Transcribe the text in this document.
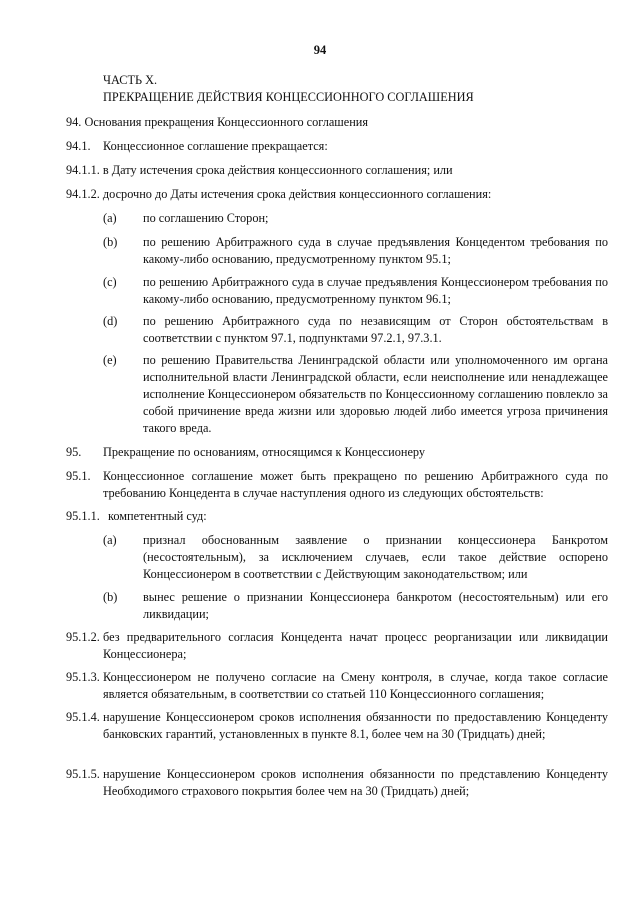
94
ЧАСТЬ X.
ПРЕКРАЩЕНИЕ ДЕЙСТВИЯ КОНЦЕССИОННОГО СОГЛАШЕНИЯ
94. Основания прекращения Концессионного соглашения
94.1. Концессионное соглашение прекращается:
94.1.1. в Дату истечения срока действия концессионного соглашения; или
94.1.2. досрочно до Даты истечения срока действия концессионного соглашения:
(a) по соглашению Сторон;
(b) по решению Арбитражного суда в случае предъявления Концедентом требования по какому-либо основанию, предусмотренному пунктом 95.1;
(c) по решению Арбитражного суда в случае предъявления Концессионером требования по какому-либо основанию, предусмотренному пунктом 96.1;
(d) по решению Арбитражного суда по независящим от Сторон обстоятельствам в соответствии с пунктом 97.1, подпунктами 97.2.1, 97.3.1.
(e) по решению Правительства Ленинградской области или уполномоченного им органа исполнительной власти Ленинградской области, если неисполнение или ненадлежащее исполнение Концессионером обязательств по Концессионному соглашению повлекло за собой причинение вреда жизни или здоровью людей либо имеется угроза причинения такого вреда.
95. Прекращение по основаниям, относящимся к Концессионеру
95.1. Концессионное соглашение может быть прекращено по решению Арбитражного суда по требованию Концедента в случае наступления одного из следующих обстоятельств:
95.1.1. компетентный суд:
(a) признал обоснованным заявление о признании концессионера Банкротом (несостоятельным), за исключением случаев, если такое действие оспорено Концессионером в соответствии с Действующим законодательством; или
(b) вынес решение о признании Концессионера банкротом (несостоятельным) или его ликвидации;
95.1.2. без предварительного согласия Концедента начат процесс реорганизации или ликвидации Концессионера;
95.1.3. Концессионером не получено согласие на Смену контроля, в случае, когда такое согласие является обязательным, в соответствии со статьей 110 Концессионного соглашения;
95.1.4. нарушение Концессионером сроков исполнения обязанности по предоставлению Концеденту банковских гарантий, установленных в пункте 8.1, более чем на 30 (Тридцать) дней;
95.1.5. нарушение Концессионером сроков исполнения обязанности по представлению Концеденту Необходимого страхового покрытия более чем на 30 (Тридцать) дней;
